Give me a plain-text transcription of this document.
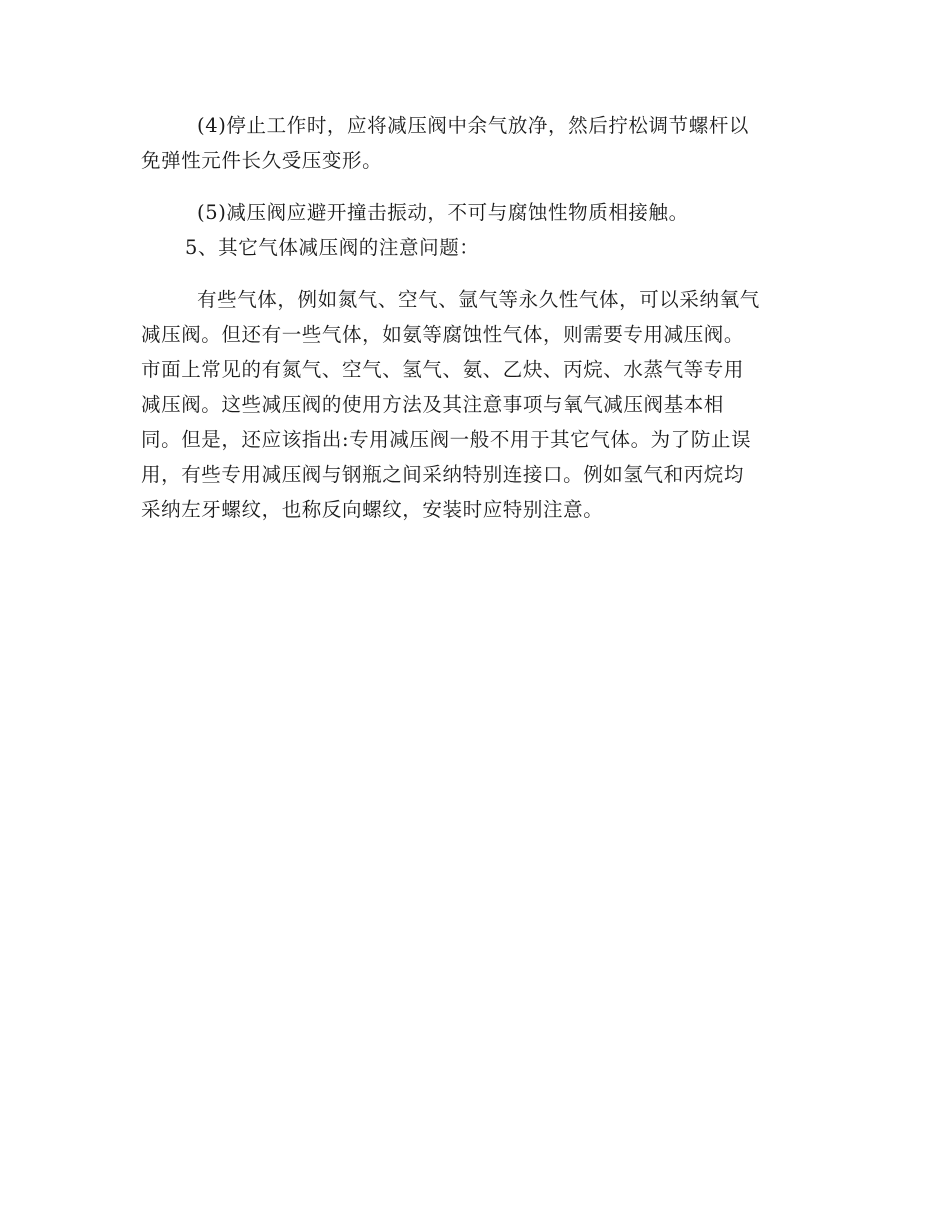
(4)停止工作时，应将减压阀中余气放净，然后拧松调节螺杆以
免弹性元件长久受压变形。

(5)减压阀应避开撞击振动，不可与腐蚀性物质相接触。

5、其它气体减压阀的注意问题：

有些气体，例如氮气、空气、氩气等永久性气体，可以采纳氧气
减压阀。但还有一些气体，如氨等腐蚀性气体，则需要专用减压阀。
市面上常见的有氮气、空气、氢气、氨、乙炔、丙烷、水蒸气等专用
减压阀。这些减压阀的使用方法及其注意事项与氧气减压阀基本相
同。但是，还应该指出:专用减压阀一般不用于其它气体。为了防止误
用，有些专用减压阀与钢瓶之间采纳特别连接口。例如氢气和丙烷均
采纳左牙螺纹，也称反向螺纹，安装时应特别注意。
